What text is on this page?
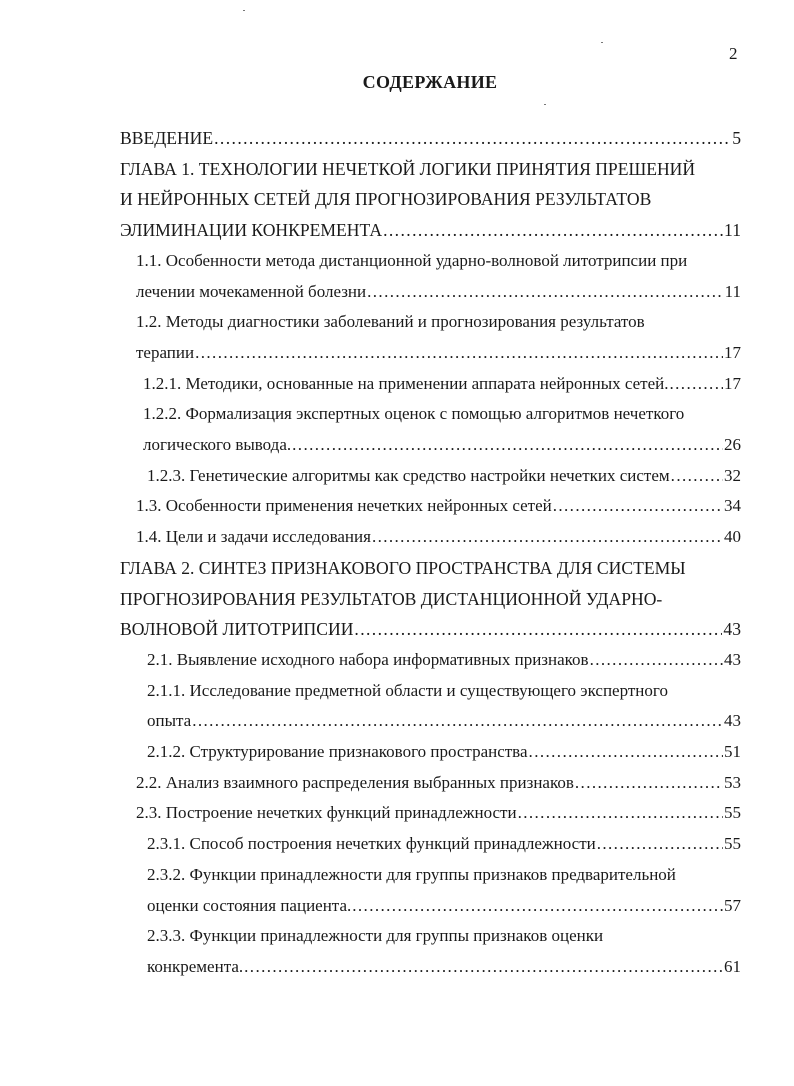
2
СОДЕРЖАНИЕ
ВВЕДЕНИЕ .....	5
ГЛАВА 1. ТЕХНОЛОГИИ НЕЧЕТКОЙ ЛОГИКИ ПРИНЯТИЯ ПРЕШЕНИЙ
И НЕЙРОННЫХ СЕТЕЙ ДЛЯ ПРОГНОЗИРОВАНИЯ РЕЗУЛЬТАТОВ
ЭЛИМИНАЦИИ КОНКРЕМЕНТА .....	11
1.1. Особенности метода дистанционной ударно-волновой литотрипсии при
лечении мочекаменной болезни .....	11
1.2. Методы диагностики заболеваний и прогнозирования результатов
терапии .....	17
1.2.1. Методики, основанные на применении аппарата нейронных сетей. .....	17
1.2.2. Формализация экспертных оценок с помощью алгоритмов нечеткого
логического вывода. .....	26
1.2.3. Генетические алгоритмы как средство настройки нечетких систем .....	32
1.3. Особенности применения нечетких нейронных сетей .....	34
1.4. Цели и задачи исследования .....	40
ГЛАВА 2. СИНТЕЗ ПРИЗНАКОВОГО ПРОСТРАНСТВА ДЛЯ СИСТЕМЫ
ПРОГНОЗИРОВАНИЯ РЕЗУЛЬТАТОВ ДИСТАНЦИОННОЙ УДАРНО-
ВОЛНОВОЙ ЛИТОТРИПСИИ .....	43
2.1. Выявление исходного набора информативных признаков .....	43
2.1.1. Исследование предметной области и существующего экспертного
опыта .....	43
2.1.2. Структурирование признакового пространства .....	51
2.2. Анализ взаимного распределения выбранных признаков .....	53
2.3. Построение нечетких функций принадлежности .....	55
2.3.1. Способ построения нечетких функций принадлежности .....	55
2.3.2. Функции принадлежности для группы признаков предварительной
оценки состояния пациента. .....	57
2.3.3. Функции принадлежности для группы признаков оценки
конкремента. .....	61
